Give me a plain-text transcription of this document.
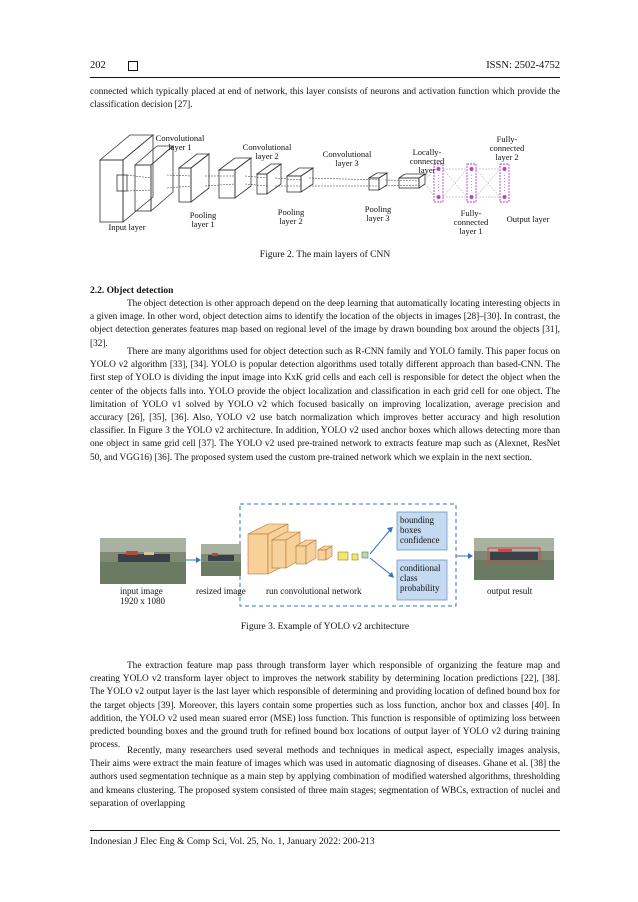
202	ISSN: 2502-4752

connected which typically placed at end of network, this layer consists of neurons and activation function which provide the classification decision [27].

Convolutional
layer 1	Convolutional
layer 2	Convolutional
layer 3
Locally-
connected
layer
Fully-
connected
layer 2
Pooling
layer 1
Pooling
layer 2
Pooling
layer 3	Fully-
connected
layer 1
Input layer
Output layer
Figure 2. The main layers of CNN
2.2. Object detection

The object detection is other approach depend on the deep learning that automatically locating interesting objects in a given image. In other word, object detection aims to identify the location of the objects in images [28]–[30]. In contrast, the object detection generates features map based on regional level of the image by drawn bounding box around the objects [31], [32].

There are many algorithms used for object detection such as R-CNN family and YOLO family. This paper focus on YOLO v2 algorithm [33], [34]. YOLO is popular detection algorithms used totally different approach than based-CNN. The first step of YOLO is dividing the input image into KxK grid cells and each cell is responsible for detect the object when the center of the objects falls into. YOLO provide the object localization and classification in each grid cell for one object. The limitation of YOLO v1 solved by YOLO v2 which focused basically on improving localization, average precision and accuracy [26], [35], [36]. Also, YOLO v2 use batch normalization which improves better accuracy and high resolution classifier. In Figure 3 the YOLO v2 architecture. In addition, YOLO v2 used anchor boxes which allows detecting more than one object in same grid cell [37]. The YOLO v2 used pre-trained network to extracts feature map such as (Alexnet, ResNet 50, and VGG16) [36]. The proposed system used the custom pre-trained network which we explain in the next section.

bounding
boxes
confidence
conditional
class
probability
input image
1920 x 1080
resized image run convolutional network	output result
Figure 3. Example of YOLO v2 architecture

The extraction feature map pass through transform layer which responsible of organizing the feature map and creating YOLO v2 transform layer object to improves the network stability by determining location predictions [22], [38]. The YOLO v2 output layer is the last layer which responsible of determining and providing location of defined bound box for the target objects [39]. Moreover, this layers contain some properties such as loss function, anchor box and classes [40]. In addition, the YOLO v2 used mean suared error (MSE) loss function. This function is responsible of optimizing loss between predicted bounding boxes and the ground truth for refined bound box locations of output layer of YOLO v2 during training process.

Recently, many researchers used several methods and techniques in medical aspect, especially images analysis, Their aims were extract the main feature of images which was used in automatic diagnosing of diseases. Ghane et al. [38] the authors used segmentation technique as a main step by applying combination of modified watershed algorithms, thresholding and kmeans clustering. The proposed system consisted of three main stages; segmentation of WBCs, extraction of nuclei and separation of overlapping

Indonesian J Elec Eng & Comp Sci, Vol. 25, No. 1, January 2022: 200-213
